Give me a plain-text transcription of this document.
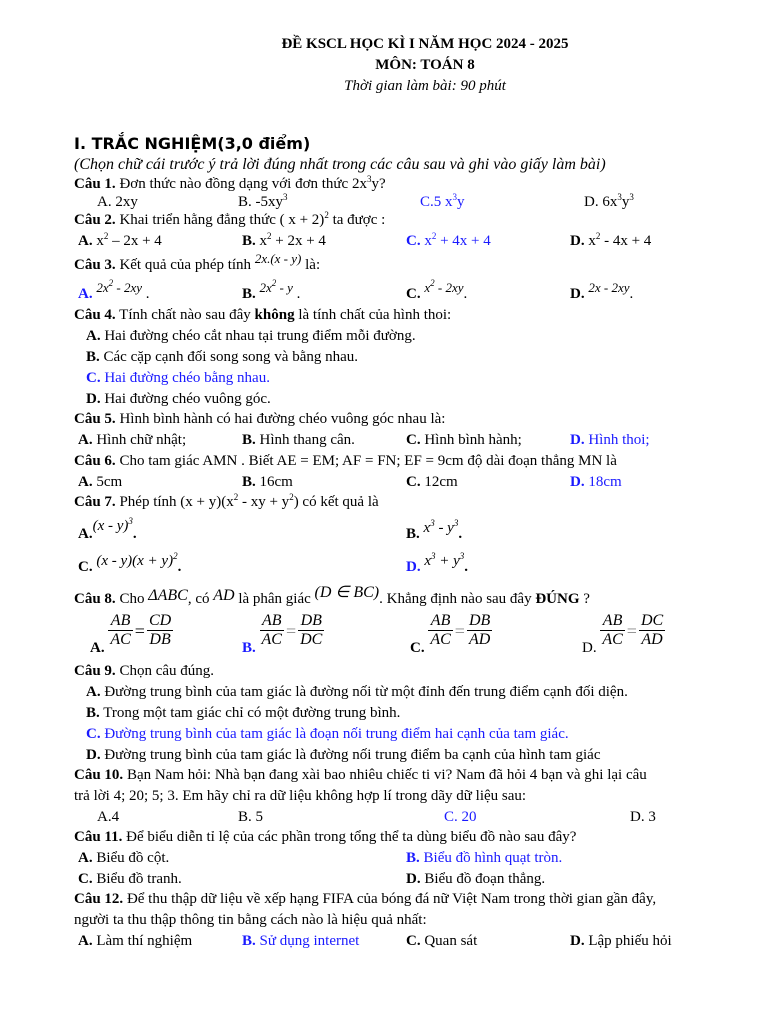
ĐỀ KSCL HỌC KÌ I NĂM HỌC 2024 - 2025
MÔN: TOÁN 8
Thời gian làm bài: 90 phút
I. TRẮC NGHIỆM(3,0 điểm)
(Chọn chữ cái trước ý trả lời đúng nhất trong các câu sau và ghi vào giấy làm bài)
Câu 1. Đơn thức nào đồng dạng với đơn thức $2x^3y$?
A. 2xy	B. $-5xy^3$	C.5 $x^3y$	D. $6x^3y^3$
Câu 2. Khai triển hằng đẳng thức ( x + 2)$^2$ ta được :
A. $x^2 - 2x + 4$	B. $x^2 + 2x + 4$	C. $x^2 + 4x + 4$	D. $x^2 - 4x + 4$
Câu 3. Kết quả của phép tính 2x.(x - y) là:
A. $2x^2 - 2xy$ .	B. $2x^2$ - y .	C. $x^2 - 2xy$.	D. 2x - 2xy.
Câu 4. Tính chất nào sau đây không là tính chất của hình thoi:
A. Hai đường chéo cắt nhau tại trung điểm mỗi đường.
B. Các cặp cạnh đối song song và bằng nhau.
C. Hai đường chéo bằng nhau.
D. Hai đường chéo vuông góc.
Câu 5. Hình bình hành có hai đường chéo vuông góc nhau là:
A. Hình chữ nhật;	B. Hình thang cân.	C. Hình bình hành;	D. Hình thoi;
Câu 6. Cho tam giác AMN . Biết AE = EM; AF = FN; EF = 9cm độ dài đoạn thẳng MN là
A. 5cm	B. 16cm	C. 12cm	D. 18cm
Câu 7. Phép tính $(x + y)(x^2$ - xy + $y^2$) có kết quả là
A.(x - y)$^3$.	B. $x^3 - y^3$.
C. $(x - y)(x + y)^2$.	D. $x^3 + y^3$.
Câu 8. Cho ΔABC, có AD là phân giác (D ∈ BC). Khẳng định nào sau đây ĐÚNG ?
A. $\frac{AB}{AC} = \frac{CD}{DB}$	B. $\frac{AB}{AC} = \frac{DB}{DC}$	C. $\frac{AB}{AC} = \frac{DB}{AD}$	D. $\frac{AB}{AC} = \frac{DC}{AD}$
Câu 9. Chọn câu đúng.
A. Đường trung bình của tam giác là đường nối từ một đỉnh đến trung điểm cạnh đối diện.
B. Trong một tam giác chỉ có một đường trung bình.
C. Đường trung bình của tam giác là đoạn nối trung điểm hai cạnh của tam giác.
D. Đường trung bình của tam giác là đường nối trung điểm ba cạnh của hình tam giác
Câu 10. Bạn Nam hỏi: Nhà bạn đang xài bao nhiêu chiếc ti vi? Nam đã hỏi 4 bạn và ghi lại câu
trả lời 4; 20; 5; 3. Em hãy chỉ ra dữ liệu không hợp lí trong dãy dữ liệu sau:
A.4	B. 5	C. 20	D. 3
Câu 11. Để biểu diễn tỉ lệ của các phần trong tổng thể ta dùng biểu đồ nào sau đây?
A. Biểu đồ cột.	B. Biểu đồ hình quạt tròn.
C. Biểu đồ tranh.	D. Biểu đồ đoạn thẳng.
Câu 12. Để thu thập dữ liệu về xếp hạng FIFA của bóng đá nữ Việt Nam trong thời gian gần đây,
người ta thu thập thông tin bằng cách nào là hiệu quả nhất:
A. Làm thí nghiệm	B. Sử dụng internet	C. Quan sát	D. Lập phiếu hỏi
